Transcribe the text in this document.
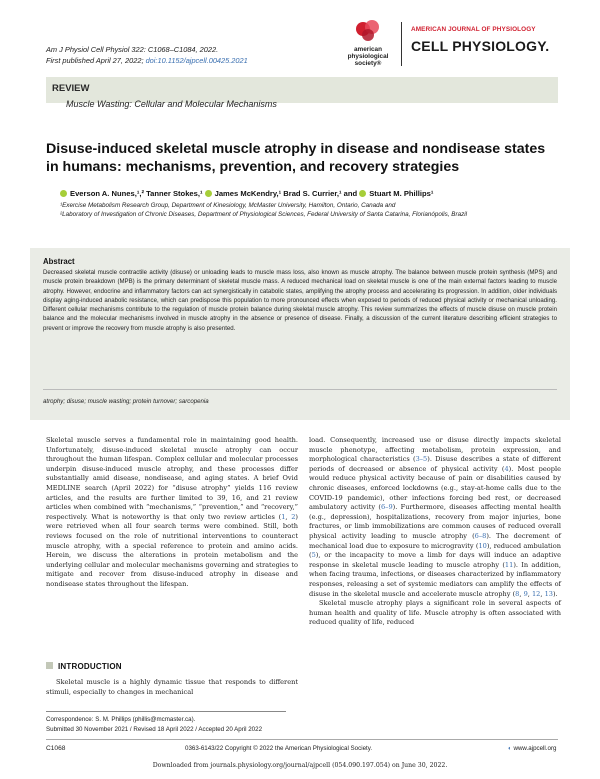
Am J Physiol Cell Physiol 322: C1068–C1084, 2022.
First published April 27, 2022; doi:10.1152/ajpcell.00425.2021
american physiological society®
AMERICAN JOURNAL OF PHYSIOLOGY
CELL PHYSIOLOGY.
REVIEW
Muscle Wasting: Cellular and Molecular Mechanisms
Disuse-induced skeletal muscle atrophy in disease and nondisease states in humans: mechanisms, prevention, and recovery strategies
Everson A. Nunes,¹,² Tanner Stokes,¹ James McKendry,¹ Brad S. Currier,¹ and Stuart M. Phillips¹
¹Exercise Metabolism Research Group, Department of Kinesiology, McMaster University, Hamilton, Ontario, Canada and
²Laboratory of Investigation of Chronic Diseases, Department of Physiological Sciences, Federal University of Santa Catarina, Florianópolis, Brazil
Abstract
Decreased skeletal muscle contractile activity (disuse) or unloading leads to muscle mass loss, also known as muscle atrophy. The balance between muscle protein synthesis (MPS) and muscle protein breakdown (MPB) is the primary determinant of skeletal muscle mass. A reduced mechanical load on skeletal muscle is one of the main external factors leading to muscle atrophy. However, endocrine and inflammatory factors can act synergistically in catabolic states, amplifying the atrophy process and accelerating its progression. In addition, older individuals display aging-induced anabolic resistance, which can predispose this population to more pronounced effects when exposed to periods of reduced physical activity or mechanical unloading. Different cellular mechanisms contribute to the regulation of muscle protein balance during skeletal muscle atrophy. This review summarizes the effects of muscle disuse on muscle protein balance and the molecular mechanisms involved in muscle atrophy in the absence or presence of disease. Finally, a discussion of the current literature describing efficient strategies to prevent or improve the recovery from muscle atrophy is also presented.
atrophy; disuse; muscle wasting; protein turnover; sarcopenia

Skeletal muscle serves a fundamental role in maintaining good health. Unfortunately, disuse-induced skeletal muscle atrophy can occur throughout the human lifespan. Complex cellular and molecular processes underpin disuse-induced muscle atrophy, and these processes differ substantially amid disease, nondisease, and aging states. A brief Ovid MEDLINE search (April 2022) for “disuse atrophy” yields 116 review articles, and the results are further limited to 39, 16, and 21 review articles when combined with “mechanisms,” “prevention,” and “recovery,” respectively. What is noteworthy is that only two review articles (1, 2) were retrieved when all four search terms were combined. Still, both reviews focused on the role of nutritional interventions to counteract muscle atrophy, with a special reference to protein and amino acids. Herein, we discuss the alterations in protein metabolism and the underlying cellular and molecular mechanisms governing and strategies to mitigate and recover from disuse-induced atrophy in disease and nondisease states throughout the lifespan.

INTRODUCTION

Skeletal muscle is a highly dynamic tissue that responds to different stimuli, especially to changes in mechanical

load. Consequently, increased use or disuse directly impacts skeletal muscle phenotype, affecting metabolism, protein expression, and morphological characteristics (3–5). Disuse describes a state of different periods of decreased or absence of physical activity (4). Most people would reduce physical activity because of pain or disabilities caused by chronic diseases, enforced lockdowns (e.g., stay-at-home calls due to the COVID-19 pandemic), other infections forcing bed rest, or decreased ambulatory activity (6–9). Furthermore, diseases affecting mental health (e.g., depression), hospitalizations, recovery from major injuries, bone fractures, or limb immobilizations are common causes of reduced overall physical activity leading to muscle atrophy (6–8). The decrement of mechanical load due to exposure to microgravity (10), reduced ambulation (5), or the incapacity to move a limb for days will induce an adaptive response in skeletal muscle leading to muscle atrophy (11). In addition, when facing trauma, infections, or diseases characterized by inflammatory responses, releasing a set of systemic mediators can amplify the effects of disuse in the skeletal muscle and accelerate muscle atrophy (8, 9, 12, 13).

Skeletal muscle atrophy plays a significant role in several aspects of human health and quality of life. Muscle atrophy is often associated with reduced quality of life, reduced

Correspondence: S. M. Phillips (phillis@mcmaster.ca).
Submitted 30 November 2021 / Revised 18 April 2022 / Accepted 20 April 2022
C1068	0363-6143/22 Copyright © 2022 the American Physiological Society.	◐ www.ajpcell.org
Downloaded from journals.physiology.org/journal/ajpcell (054.090.197.054) on June 30, 2022.
